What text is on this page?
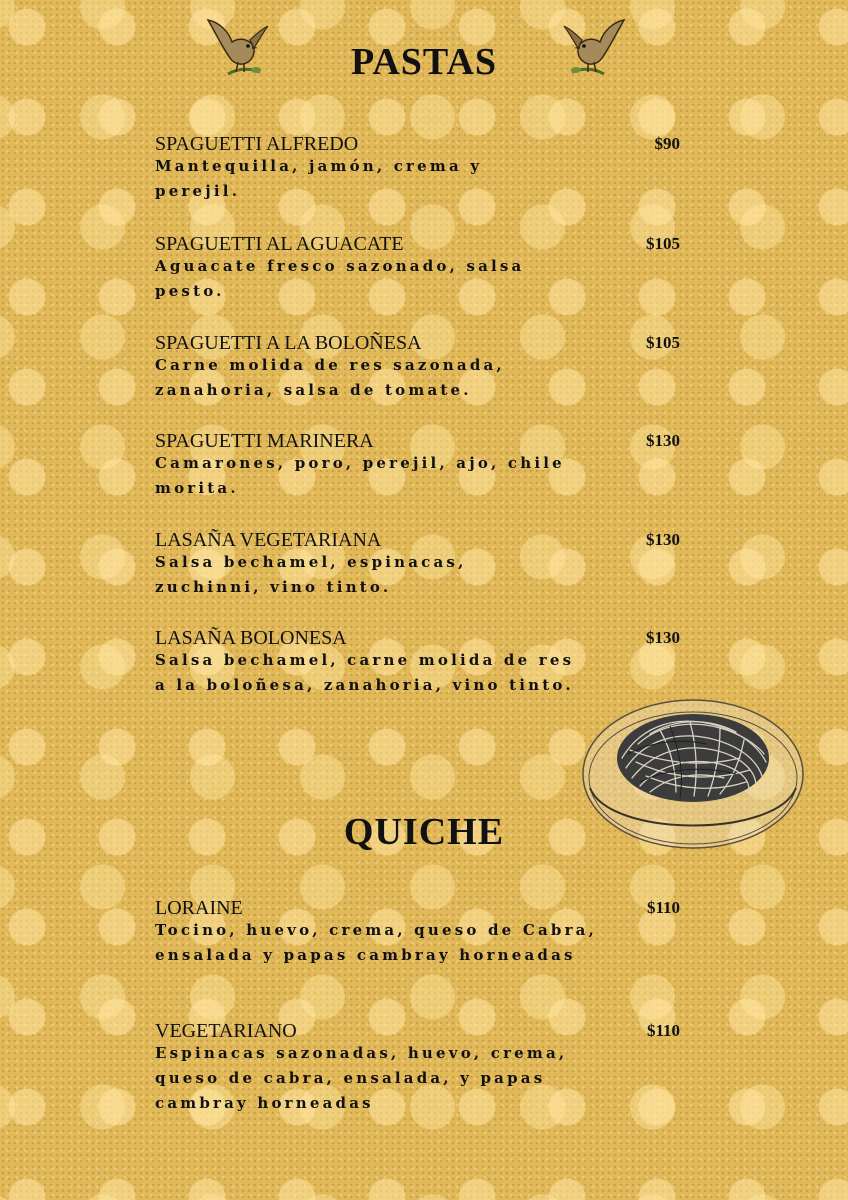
PASTAS
SPAGUETTI ALFREDO	$90
Mantequilla, jamón, crema y perejil.
SPAGUETTI AL AGUACATE	$105
Aguacate fresco sazonado, salsa pesto.
SPAGUETTI A LA BOLOÑESA	$105
Carne molida de res sazonada, zanahoria, salsa de tomate.
SPAGUETTI MARINERA	$130
Camarones, poro, perejil, ajo, chile morita.
LASAÑA VEGETARIANA	$130
Salsa bechamel, espinacas, zuchinni, vino tinto.
LASAÑA BOLONESA	$130
Salsa bechamel, carne molida de res a la boloñesa, zanahoria, vino tinto.
QUICHE
LORAINE	$110
Tocino, huevo, crema, queso de Cabra, ensalada y papas cambray horneadas
VEGETARIANO	$110
Espinacas sazonadas, huevo, crema, queso de cabra, ensalada, y papas cambray horneadas
